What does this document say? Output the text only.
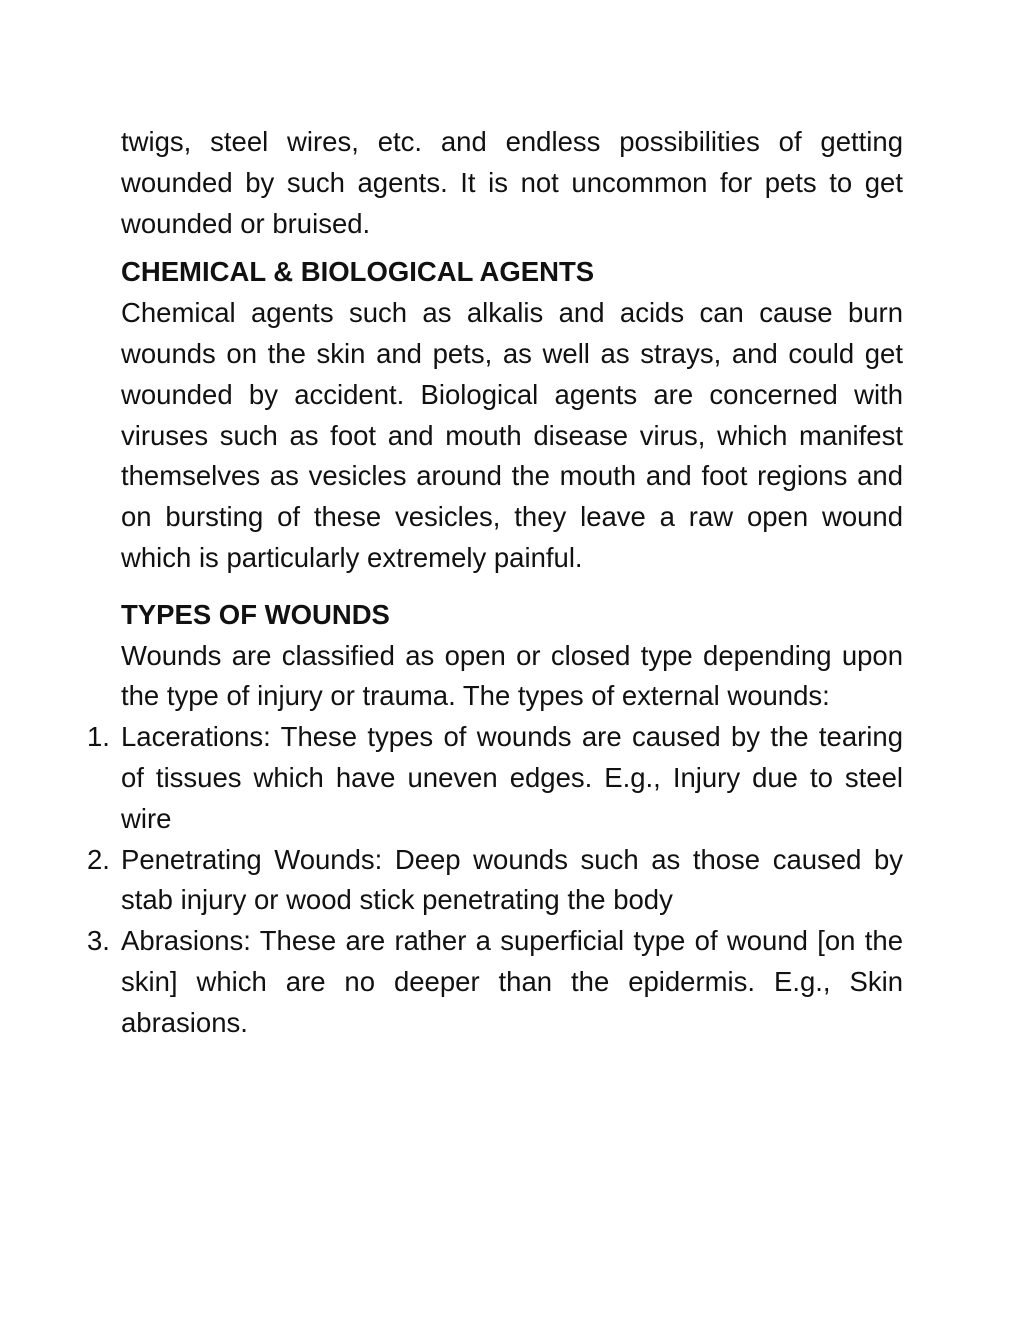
twigs, steel wires, etc. and endless possibilities of getting wounded by such agents. It is not uncommon for pets to get wounded or bruised.

CHEMICAL & BIOLOGICAL AGENTS

Chemical agents such as alkalis and acids can cause burn wounds on the skin and pets, as well as strays, and could get wounded by accident. Biological agents are concerned with viruses such as foot and mouth disease virus, which manifest themselves as vesicles around the mouth and foot regions and on bursting of these vesicles, they leave a raw open wound which is particularly extremely painful.

TYPES OF WOUNDS

Wounds are classified as open or closed type depending upon the type of injury or trauma. The types of external wounds:

1. Lacerations: These types of wounds are caused by the tearing of tissues which have uneven edges. E.g., Injury due to steel wire
2. Penetrating Wounds: Deep wounds such as those caused by stab injury or wood stick penetrating the body
3. Abrasions: These are rather a superficial type of wound [on the skin] which are no deeper than the epidermis. E.g., Skin abrasions.
